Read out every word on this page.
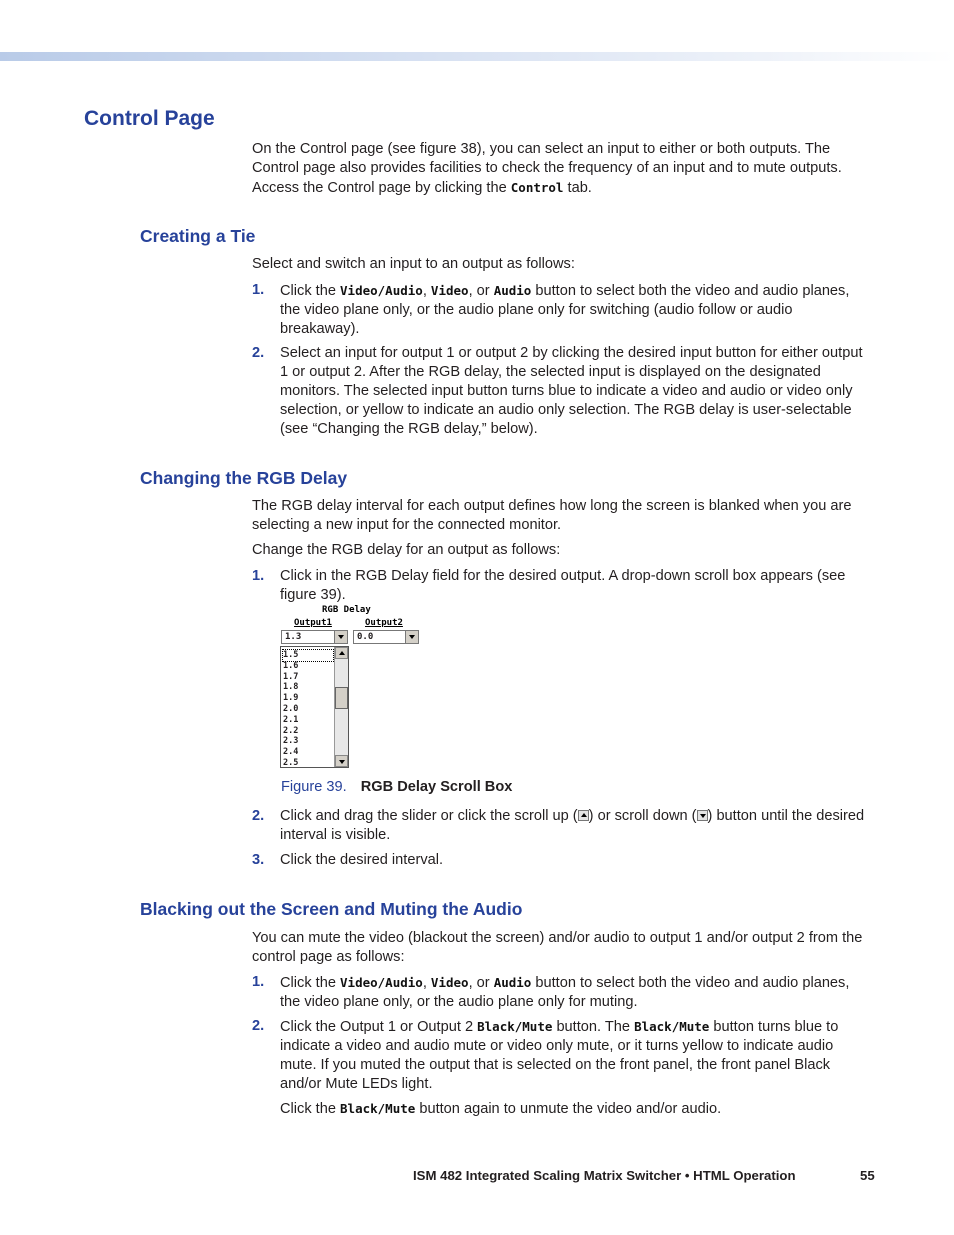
Control Page

On the Control page (see figure 38), you can select an input to either or both outputs. The Control page also provides facilities to check the frequency of an input and to mute outputs. Access the Control page by clicking the Control tab.

Creating a Tie

Select and switch an input to an output as follows:

1. Click the Video/Audio, Video, or Audio button to select both the video and audio planes, the video plane only, or the audio plane only for switching (audio follow or audio breakaway).

2. Select an input for output 1 or output 2 by clicking the desired input button for either output 1 or output 2. After the RGB delay, the selected input is displayed on the designated monitors. The selected input button turns blue to indicate a video and audio or video only selection, or yellow to indicate an audio only selection. The RGB delay is user-selectable (see “Changing the RGB delay,” below).

Changing the RGB Delay

The RGB delay interval for each output defines how long the screen is blanked when you are selecting a new input for the connected monitor.

Change the RGB delay for an output as follows:

1. Click in the RGB Delay field for the desired output. A drop-down scroll box appears (see figure 39).

RGB Delay
Output1	Output2
1.3	0.0
1.5
1.6
1.7
1.8
1.9
2.0
2.1
2.2
2.3
2.4
2.5
Figure 39. RGB Delay Scroll Box

2. Click and drag the slider or click the scroll up ( ) or scroll down ( ) button until the desired interval is visible.

3. Click the desired interval.

Blacking out the Screen and Muting the Audio

You can mute the video (blackout the screen) and/or audio to output 1 and/or output 2 from the control page as follows:

1. Click the Video/Audio, Video, or Audio button to select both the video and audio planes, the video plane only, or the audio plane only for muting.

2. Click the Output 1 or Output 2 Black/Mute button. The Black/Mute button turns blue to indicate a video and audio mute or video only mute, or it turns yellow to indicate audio mute. If you muted the output that is selected on the front panel, the front panel Black and/or Mute LEDs light.

Click the Black/Mute button again to unmute the video and/or audio.

ISM 482 Integrated Scaling Matrix Switcher • HTML Operation	55
